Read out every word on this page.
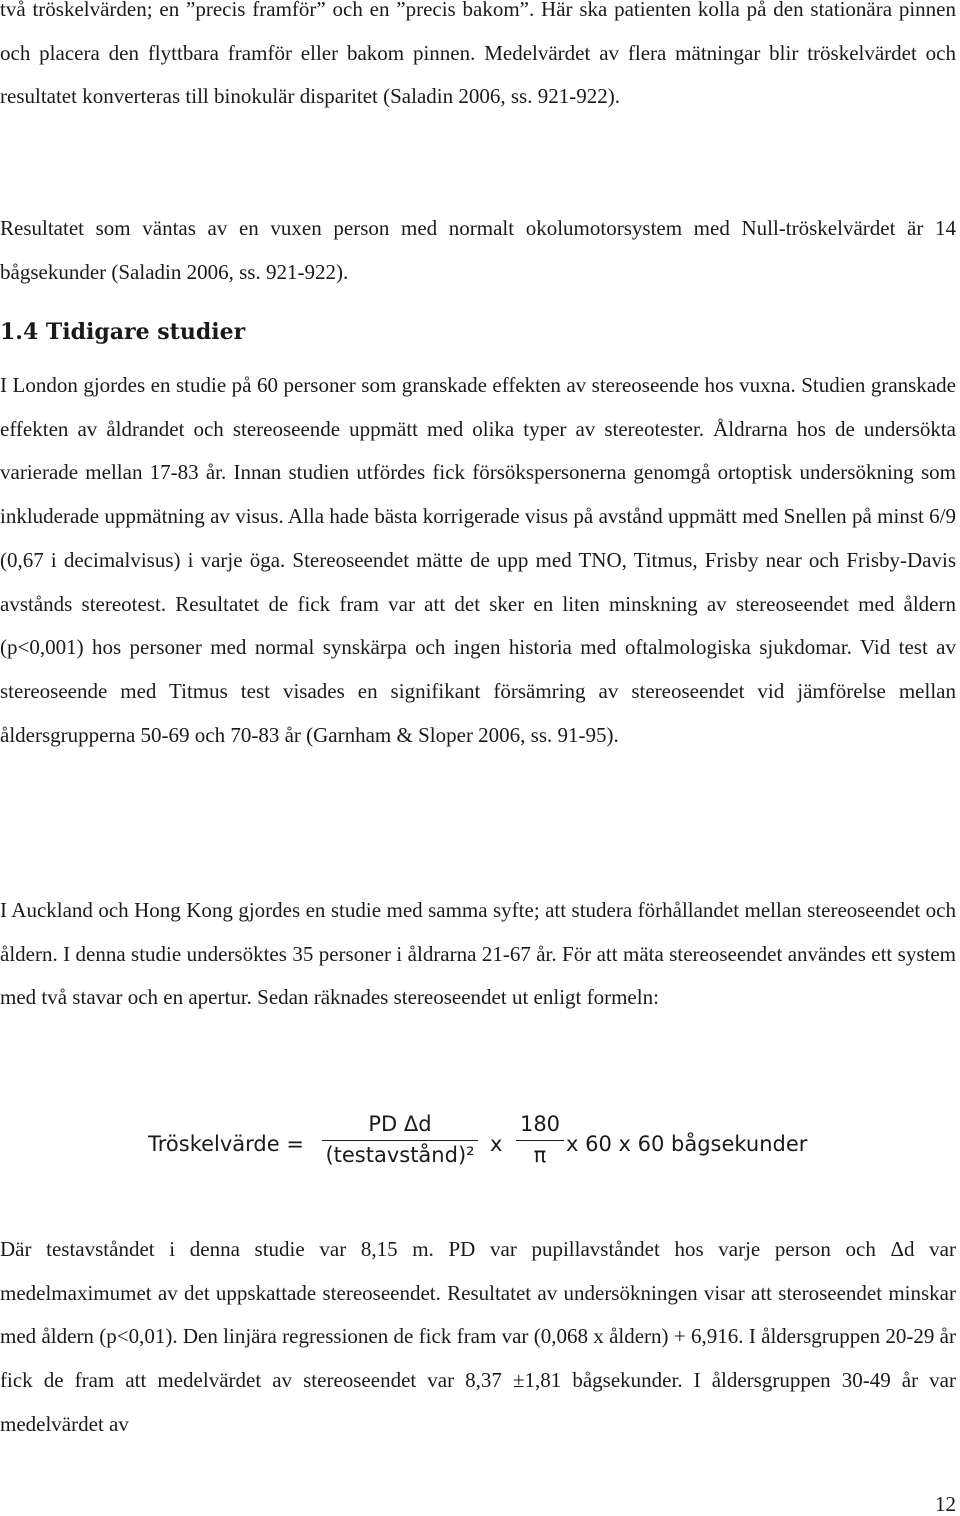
två tröskelvärden; en ”precis framför” och en ”precis bakom”. Här ska patienten kolla på den stationära pinnen och placera den flyttbara framför eller bakom pinnen. Medelvärdet av flera mätningar blir tröskelvärdet och resultatet konverteras till binokulär disparitet (Saladin 2006, ss. 921-922).

Resultatet som väntas av en vuxen person med normalt okolumotorsystem med Null-tröskelvärdet är 14 bågsekunder (Saladin 2006, ss. 921-922).

1.4 Tidigare studier

I London gjordes en studie på 60 personer som granskade effekten av stereoseende hos vuxna. Studien granskade effekten av åldrandet och stereoseende uppmätt med olika typer av stereotester. Åldrarna hos de undersökta varierade mellan 17-83 år. Innan studien utfördes fick försökspersonerna genomgå ortoptisk undersökning som inkluderade uppmätning av visus. Alla hade bästa korrigerade visus på avstånd uppmätt med Snellen på minst 6/9 (0,67 i decimalvisus) i varje öga. Stereoseendet mätte de upp med TNO, Titmus, Frisby near och Frisby-Davis avstånds stereotest. Resultatet de fick fram var att det sker en liten minskning av stereoseendet med åldern (p<0,001) hos personer med normal synskärpa och ingen historia med oftalmologiska sjukdomar. Vid test av stereoseende med Titmus test visades en signifikant försämring av stereoseendet vid jämförelse mellan åldersgrupperna 50-69 och 70-83 år (Garnham & Sloper 2006, ss. 91-95).

I Auckland och Hong Kong gjordes en studie med samma syfte; att studera förhållandet mellan stereoseendet och åldern. I denna studie undersöktes 35 personer i åldrarna 21-67 år. För att mäta stereoseendet användes ett system med två stavar och en apertur. Sedan räknades stereoseendet ut enligt formeln:

Tröskelvärde =
PD Δd
(testavstånd)² x
180
π x 60 x 60 bågsekunder

Där testavståndet i denna studie var 8,15 m. PD var pupillavståndet hos varje person och Δd var medelmaximumet av det uppskattade stereoseendet. Resultatet av undersökningen visar att steroseendet minskar med åldern (p<0,01). Den linjära regressionen de fick fram var (0,068 x åldern) + 6,916. I åldersgruppen 20-29 år fick de fram att medelvärdet av stereoseendet var 8,37 ±1,81 bågsekunder. I åldersgruppen 30-49 år var medelvärdet av

12
